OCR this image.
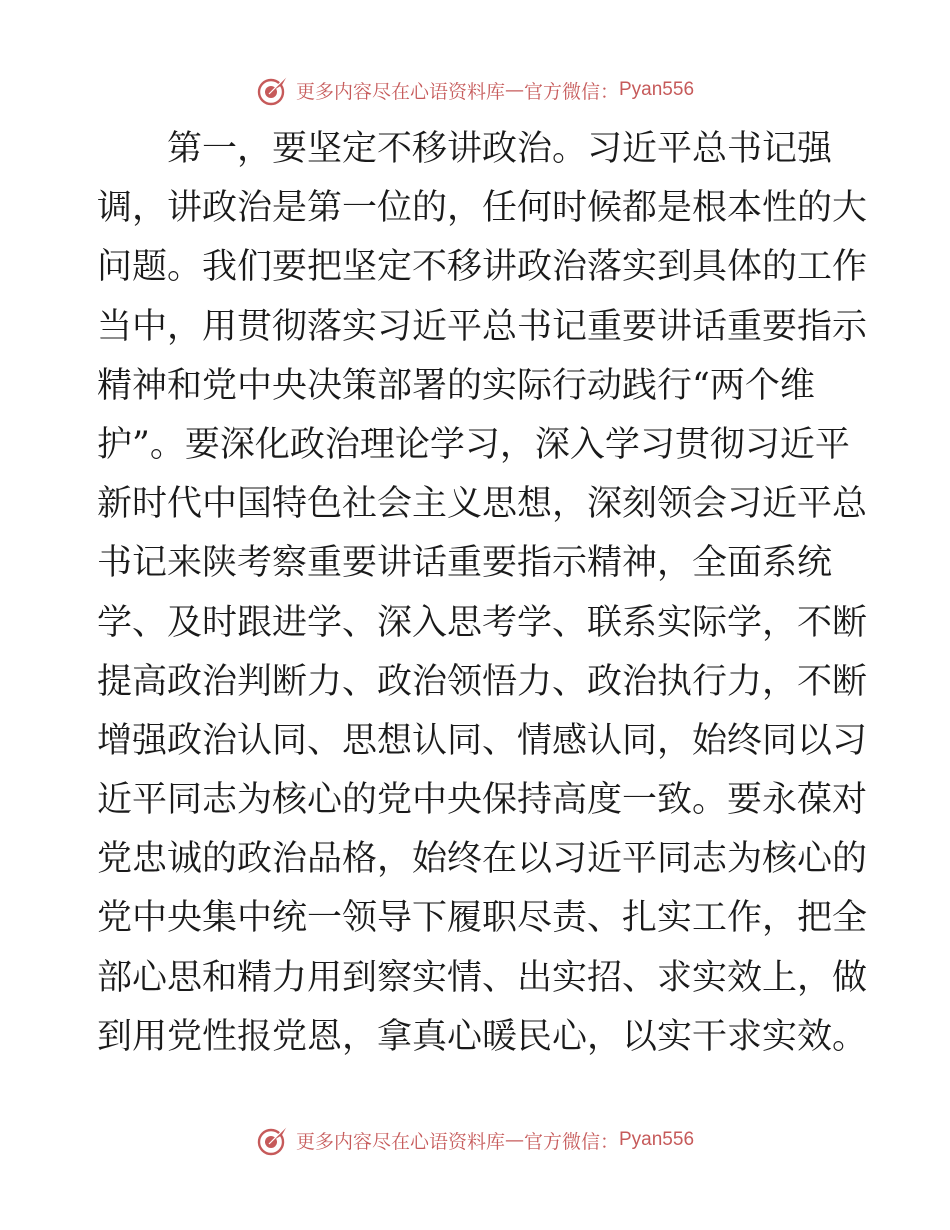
更多内容尽在心语资料库 — 官方微信： Pyan556
　　第一，要坚定不移讲政治。习近平总书记强
调，讲政治是第一位的，任何时候都是根本性的大
问题。我们要把坚定不移讲政治落实到具体的工作
当中，用贯彻落实习近平总书记重要讲话重要指示
精神和党中央决策部署的实际行动践行“两个维
护”。要深化政治理论学习，深入学习贯彻习近平
新时代中国特色社会主义思想，深刻领会习近平总
书记来陕考察重要讲话重要指示精神，全面系统
学、及时跟进学、深入思考学、联系实际学，不断
提高政治判断力、政治领悟力、政治执行力，不断
增强政治认同、思想认同、情感认同，始终同以习
近平同志为核心的党中央保持高度一致。要永葆对
党忠诚的政治品格，始终在以习近平同志为核心的
党中央集中统一领导下履职尽责、扎实工作，把全
部心思和精力用到察实情、出实招、求实效上，做
到用党性报党恩，拿真心暖民心，以实干求实效。
更多内容尽在心语资料库 — 官方微信： Pyan556
